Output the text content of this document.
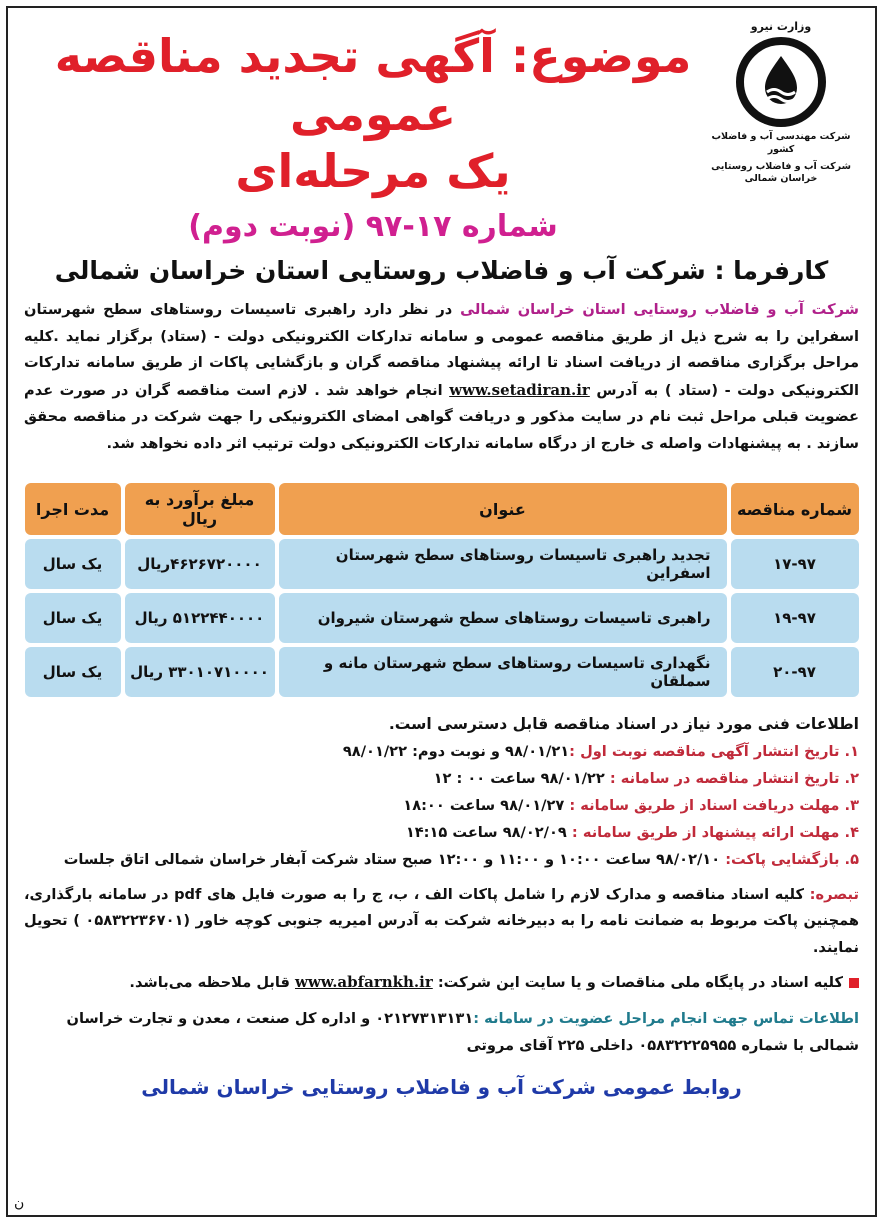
وزارت نیرو
شرکت مهندسی آب و فاضلاب کشور
شرکت آب و فاضلاب روستایی خراسان شمالی
موضوع: آگهی تجدید مناقصه عمومی
یک مرحله‌ای
شماره ۱۷-۹۷ (نوبت دوم)
کارفرما : شرکت آب و فاضلاب روستایی استان خراسان شمالی
شرکت آب و فاضلاب روستایی استان خراسان شمالی در نظر دارد راهبری تاسیسات روستاهای سطح شهرستان اسفراین را به شرح ذیل از طریق مناقصه عمومی و سامانه تدارکات الکترونیکی دولت - (ستاد) برگزار نماید .کلیه مراحل برگزاری مناقصه از دریافت اسناد تا ارائه پیشنهاد مناقصه گران و بازگشایی پاکات از طریق سامانه تدارکات الکترونیکی دولت - (ستاد ) به آدرس www.setadiran.ir انجام خواهد شد . لازم است مناقصه گران در صورت عدم عضویت قبلی مراحل ثبت نام در سایت مذکور و دریافت گواهی امضای الکترونیکی را جهت شرکت در مناقصه محقق سازند . به پیشنهادات واصله ی خارج از درگاه سامانه تدارکات الکترونیکی دولت ترتیب اثر داده نخواهد شد.
شماره مناقصه	عنوان	مبلغ برآورد به ریال	مدت اجرا
۱۷-۹۷	تجدید راهبری تاسیسات روستاهای سطح شهرستان اسفراین	۴۶۲۶۷۲۰۰۰۰ریال	یک سال
۱۹-۹۷	راهبری تاسیسات روستاهای سطح شهرستان شیروان	۵۱۲۲۴۴۰۰۰۰ ریال	یک سال
۲۰-۹۷	نگهداری تاسیسات روستاهای سطح شهرستان مانه و سملقان	۳۳۰۱۰۷۱۰۰۰۰ ریال	یک سال
اطلاعات فنی مورد نیاز در اسناد مناقصه قابل دسترسی است.
۱. تاریخ انتشار آگهی مناقصه نوبت اول :۹۸/۰۱/۲۱ و نوبت دوم: ۹۸/۰۱/۲۲
۲. تاریخ انتشار مناقصه در سامانه : ۹۸/۰۱/۲۲ ساعت ۰۰ : ۱۲
۳. مهلت دریافت اسناد از طریق سامانه : ۹۸/۰۱/۲۷ ساعت ۱۸:۰۰
۴. مهلت ارائه پیشنهاد از طریق سامانه : ۹۸/۰۲/۰۹ ساعت ۱۴:۱۵
۵. بازگشایی پاکت: ۹۸/۰۲/۱۰ ساعت ۱۰:۰۰ و ۱۱:۰۰ و ۱۲:۰۰ صبح ستاد شرکت آبفار خراسان شمالی اتاق جلسات
تبصره: کلیه اسناد مناقصه و مدارک لازم را شامل پاکات الف ، ب، ج را به صورت فایل های pdf در سامانه بارگذاری، همچنین پاکت مربوط به ضمانت نامه را به دبیرخانه شرکت به آدرس امیریه جنوبی کوچه خاور (۰۵۸۳۲۲۳۶۷۰۱ ) تحویل نمایند.
کلیه اسناد در پایگاه ملی مناقصات و یا سایت این شرکت: www.abfarnkh.ir قابل ملاحظه می‌باشد.
اطلاعات تماس جهت انجام مراحل عضویت در سامانه :۰۲۱۲۷۳۱۳۱۳۱ و اداره کل صنعت ، معدن و تجارت خراسان شمالی با شماره ۰۵۸۳۲۲۲۵۹۵۵ داخلی ۲۲۵ آقای مروتی
روابط عمومی شرکت آب و فاضلاب روستایی خراسان شمالی
ن
